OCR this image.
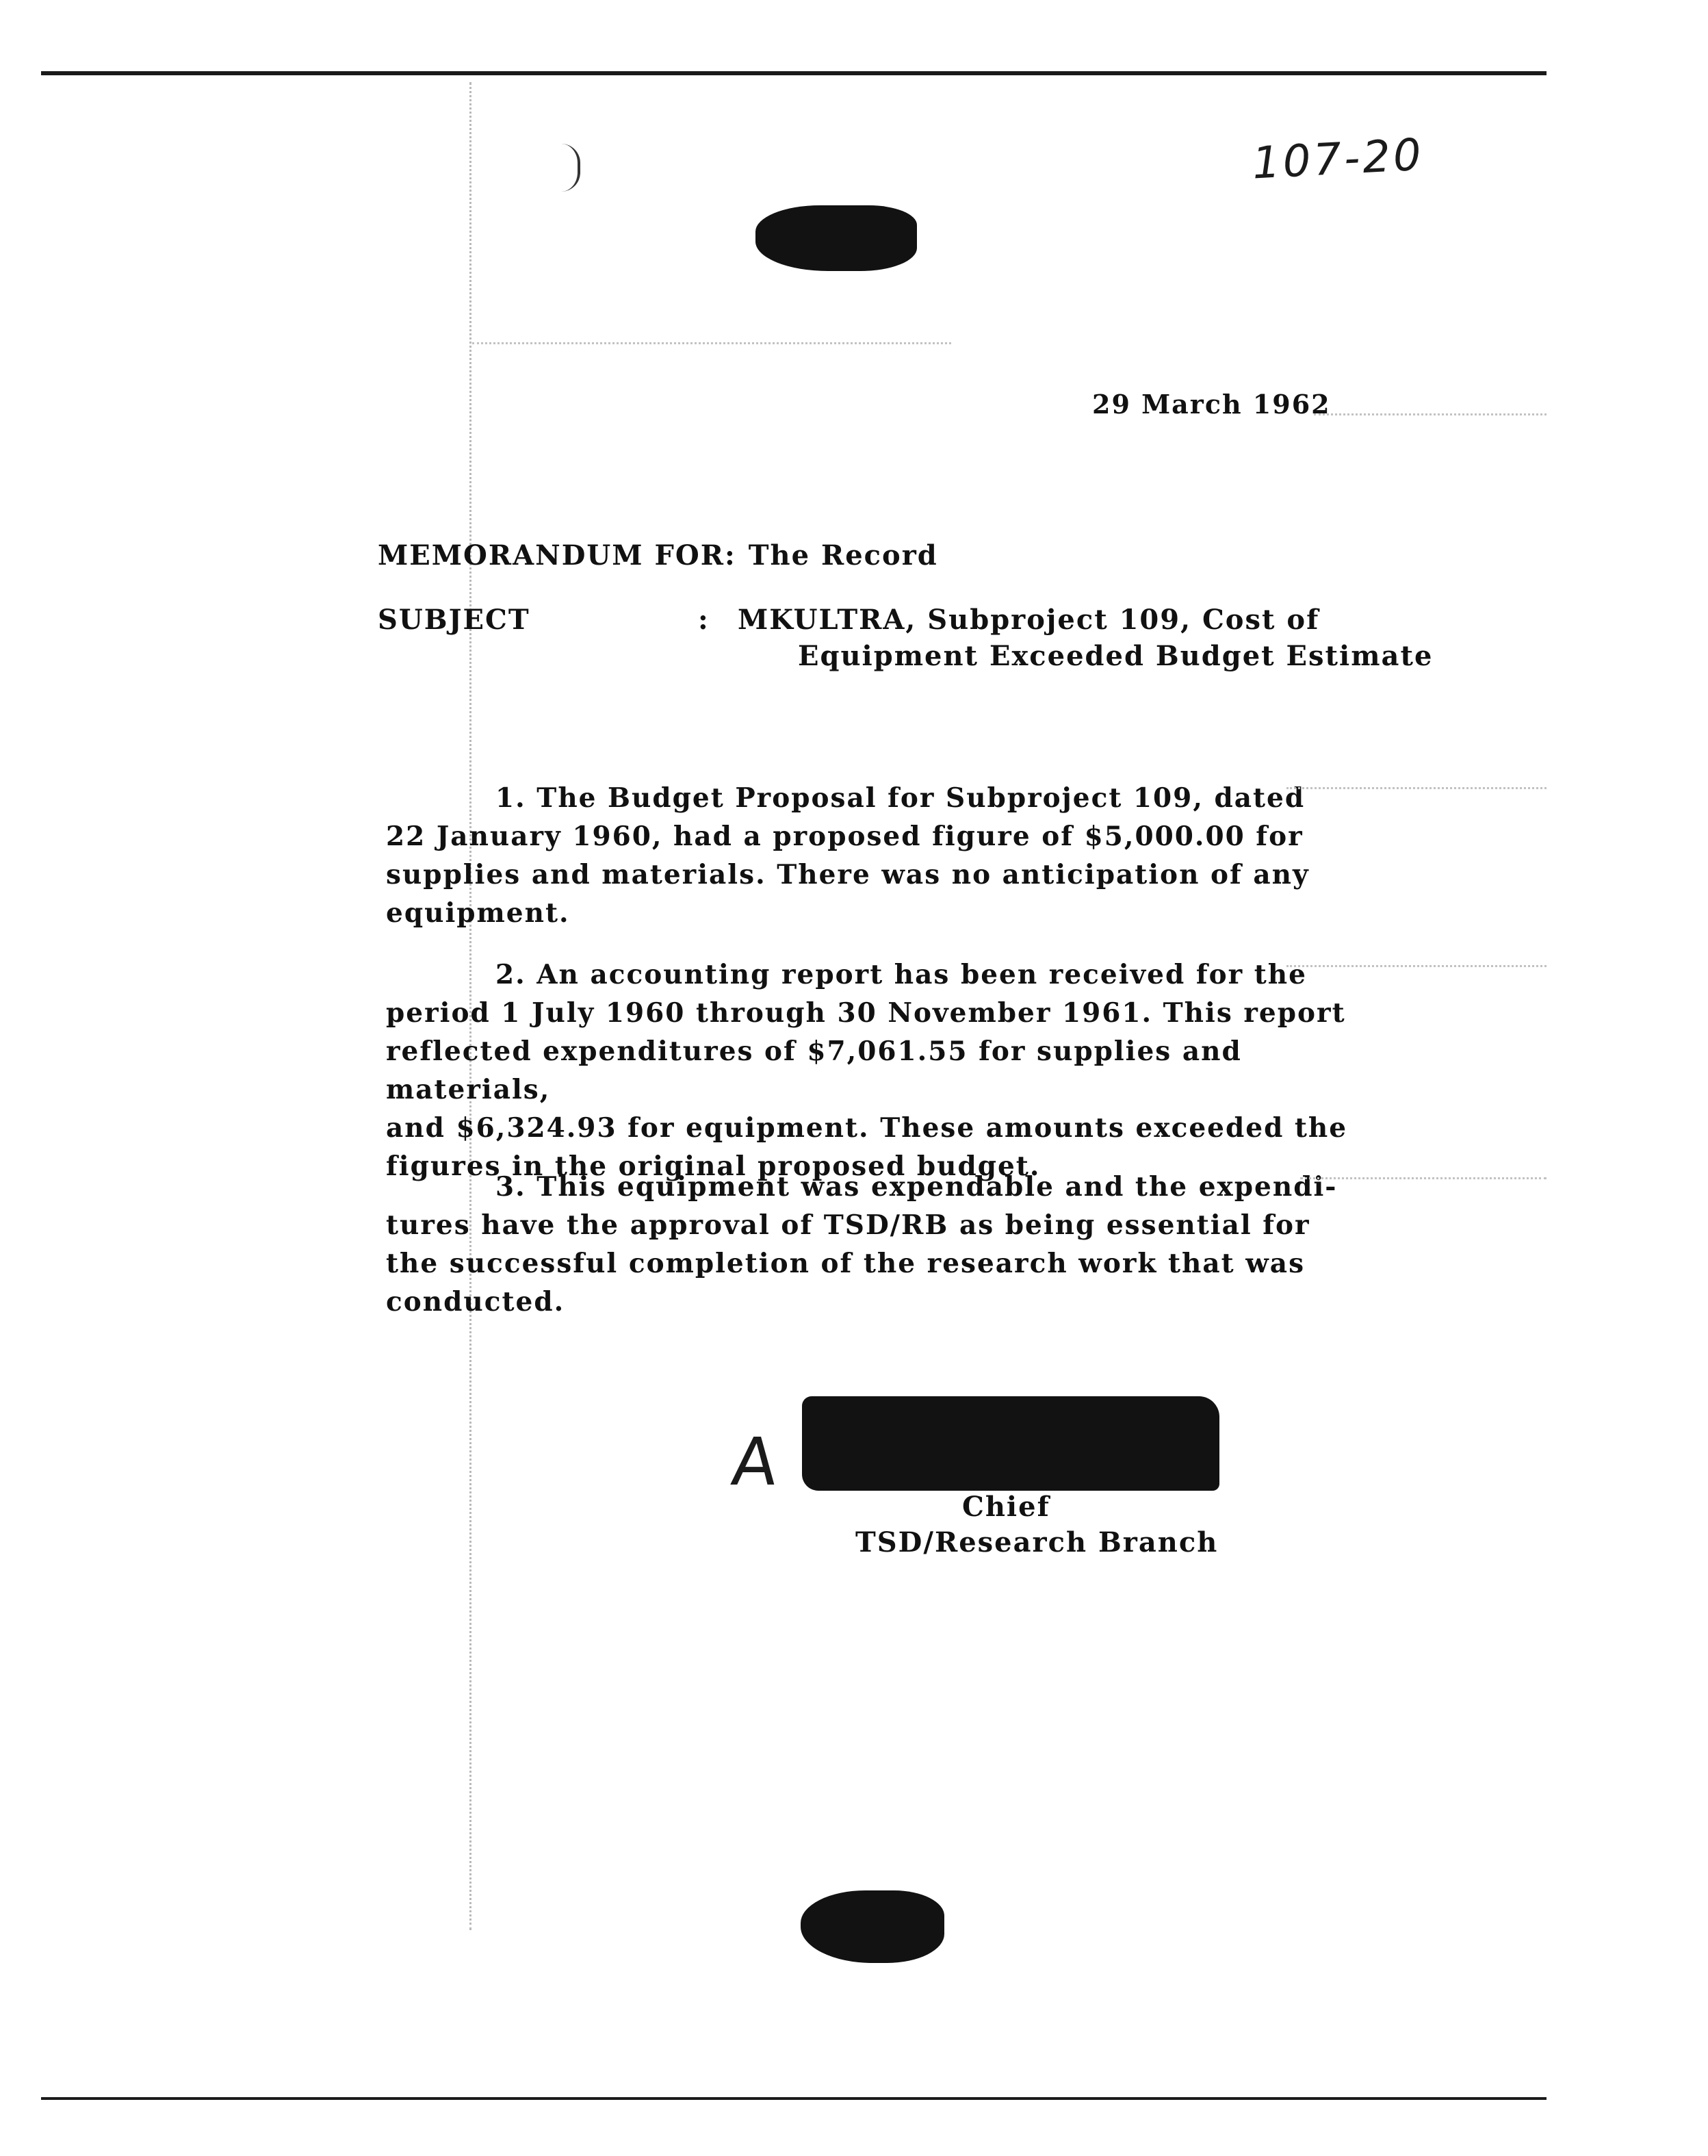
107-20
29 March 1962
MEMORANDUM FOR: The Record
SUBJECT	: MKULTRA, Subproject 109, Cost of
Equipment Exceeded Budget Estimate
1. The Budget Proposal for Subproject 109, dated
22 January 1960, had a proposed figure of $5,000.00 for
supplies and materials. There was no anticipation of any
equipment.
2. An accounting report has been received for the
period 1 July 1960 through 30 November 1961. This report
reflected expenditures of $7,061.55 for supplies and materials,
and $6,324.93 for equipment. These amounts exceeded the
figures in the original proposed budget.
3. This equipment was expendable and the expendi-
tures have the approval of TSD/RB as being essential for
the successful completion of the research work that was
conducted.
A
Chief
TSD/Research Branch
